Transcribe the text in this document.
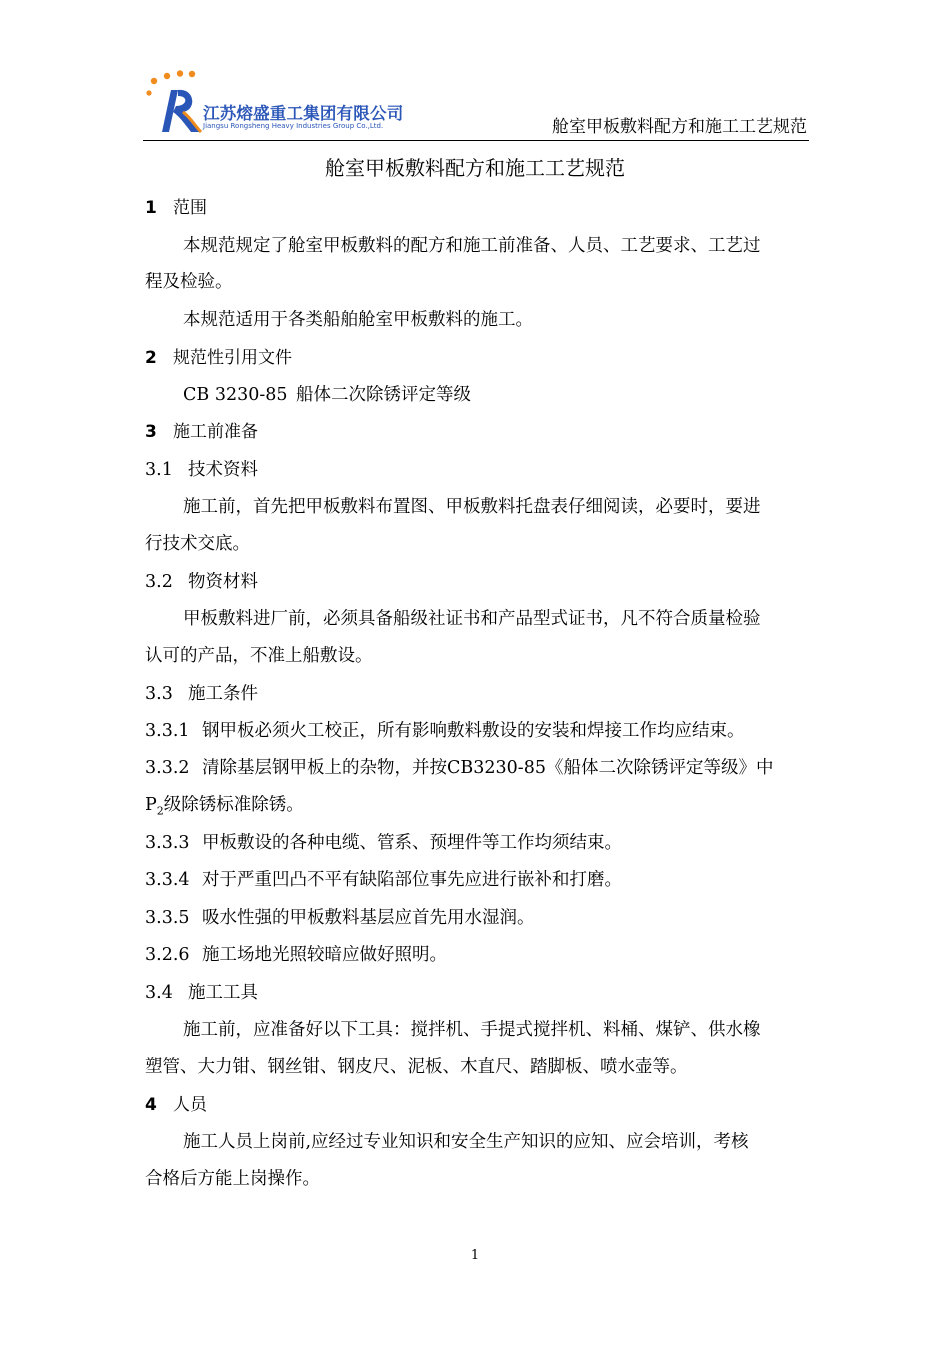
江苏熔盛重工集团有限公司
Jiangsu Rongsheng Heavy Industries Group Co.,Ltd.	舱室甲板敷料配方和施工工艺规范
舱室甲板敷料配方和施工工艺规范
1 范围
本规范规定了舱室甲板敷料的配方和施工前准备、人员、工艺要求、工艺过
程及检验。
本规范适用于各类船舶舱室甲板敷料的施工。
2 规范性引用文件
CB 3230-85 船体二次除锈评定等级
3 施工前准备
3.1 技术资料
施工前，首先把甲板敷料布置图、甲板敷料托盘表仔细阅读，必要时，要进
行技术交底。
3.2 物资材料
甲板敷料进厂前，必须具备船级社证书和产品型式证书，凡不符合质量检验
认可的产品，不准上船敷设。
3.3 施工条件
3.3.1 钢甲板必须火工校正，所有影响敷料敷设的安装和焊接工作均应结束。
3.3.2 清除基层钢甲板上的杂物，并按CB3230-85《船体二次除锈评定等级》中
$P_2$级除锈标准除锈。
3.3.3 甲板敷设的各种电缆、管系、预埋件等工作均须结束。
3.3.4 对于严重凹凸不平有缺陷部位事先应进行嵌补和打磨。
3.3.5 吸水性强的甲板敷料基层应首先用水湿润。
3.2.6 施工场地光照较暗应做好照明。
3.4 施工工具
施工前，应准备好以下工具：搅拌机、手提式搅拌机、料桶、煤铲、供水橡
塑管、大力钳、钢丝钳、钢皮尺、泥板、木直尺、踏脚板、喷水壶等。
4 人员
施工人员上岗前,应经过专业知识和安全生产知识的应知、应会培训，考核
合格后方能上岗操作。
1
